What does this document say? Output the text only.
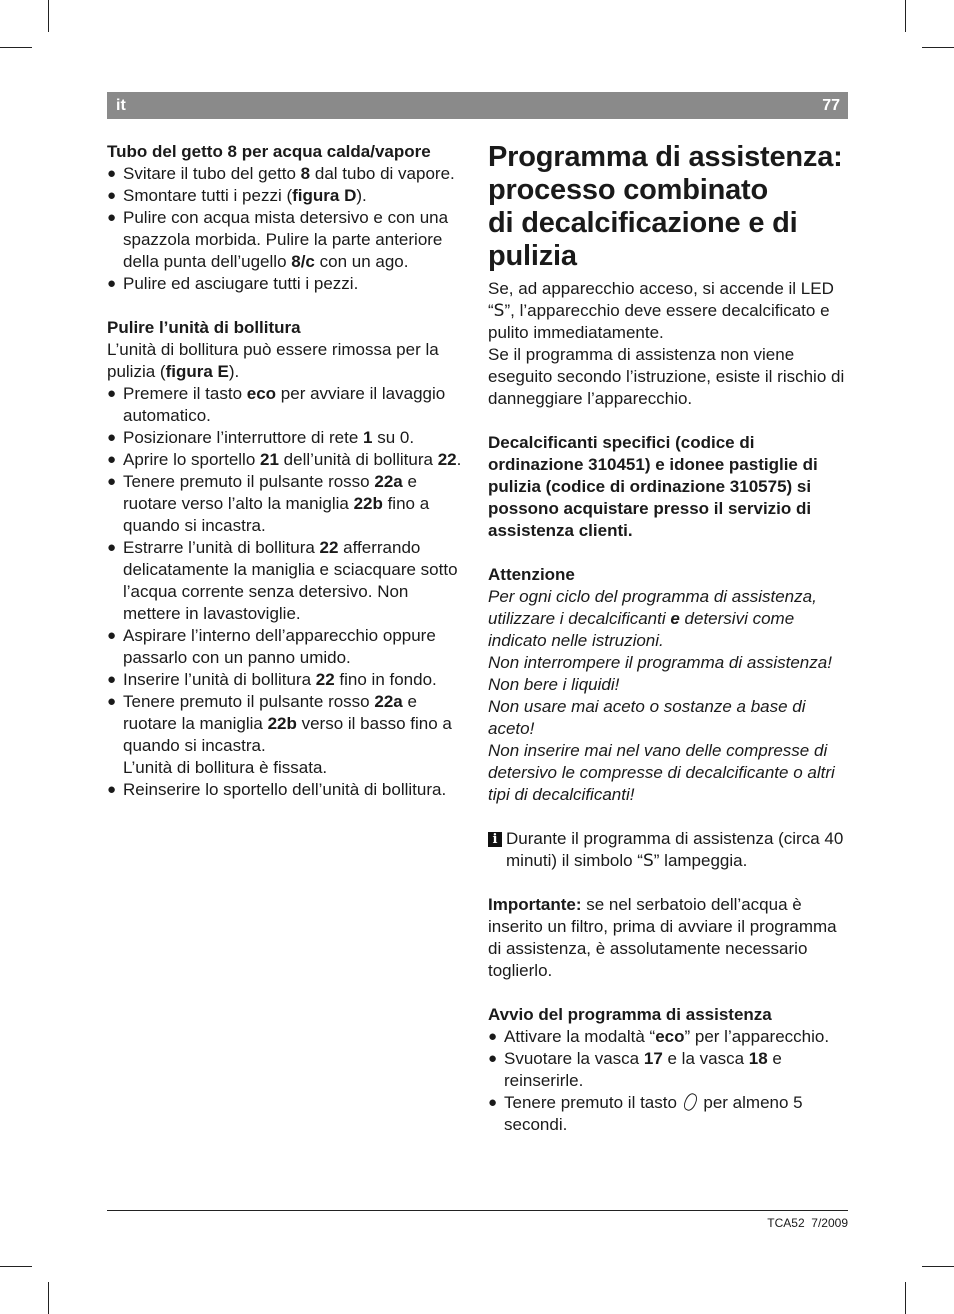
it	77

Tubo del getto 8 per acqua calda/vapore

● Svitare il tubo del getto 8 dal tubo di vapore.
● Smontare tutti i pezzi (figura D).
● Pulire con acqua mista detersivo e con una spazzola morbida. Pulire la parte anteriore della punta dell’ugello 8/c con un ago.
● Pulire ed asciugare tutti i pezzi.

Pulire l’unità di bollitura

L’unità di bollitura può essere rimossa per la pulizia (figura E).

● Premere il tasto eco per avviare il lavaggio automatico.
● Posizionare l’interruttore di rete 1 su 0.
● Aprire lo sportello 21 dell’unità di bollitura 22.
● Tenere premuto il pulsante rosso 22a e ruotare verso l’alto la maniglia 22b fino a quando si incastra.
● Estrarre l’unità di bollitura 22 afferrando delicatamente la maniglia e sciacquare sotto l’acqua corrente senza detersivo. Non mettere in lavastoviglie.
● Aspirare l’interno dell’apparecchio oppure passarlo con un panno umido.
● Inserire l’unità di bollitura 22 fino in fondo.
● Tenere premuto il pulsante rosso 22a e ruotare la maniglia 22b verso il basso fino a quando si incastra.
L’unità di bollitura è fissata.
● Reinserire lo sportello dell’unità di bollitura.
Programma di assistenza:
processo combinato
di decalcificazione e di
pulizia

Se, ad apparecchio acceso, si accende il LED “S”, l’apparecchio deve essere decalcificato e pulito immediatamente.

Se il programma di assistenza non viene eseguito secondo l’istruzione, esiste il rischio di danneggiare l’apparecchio.

Decalcificanti specifici (codice di ordinazione 310451) e idonee pastiglie di pulizia (codice di ordinazione 310575) si possono acquistare presso il servizio di assistenza clienti.

Attenzione

Per ogni ciclo del programma di assistenza, utilizzare i decalcificanti e detersivi come indicato nelle istruzioni.

Non interrompere il programma di assistenza!

Non bere i liquidi!

Non usare mai aceto o sostanze a base di aceto!

Non inserire mai nel vano delle compresse di detersivo le compresse di decalcificante o altri tipi di decalcificanti!

i Durante il programma di assistenza (circa 40 minuti) il simbolo “S” lampeggia.

Importante: se nel serbatoio dell’acqua è inserito un filtro, prima di avviare il programma di assistenza, è assolutamente necessario toglierlo.

Avvio del programma di assistenza

● Attivare la modaltà “eco” per l’apparecchio.
● Svuotare la vasca 17 e la vasca 18 e reinserirle.
● Tenere premuto il tasto  per almeno 5 secondi.
TCA52 7/2009
